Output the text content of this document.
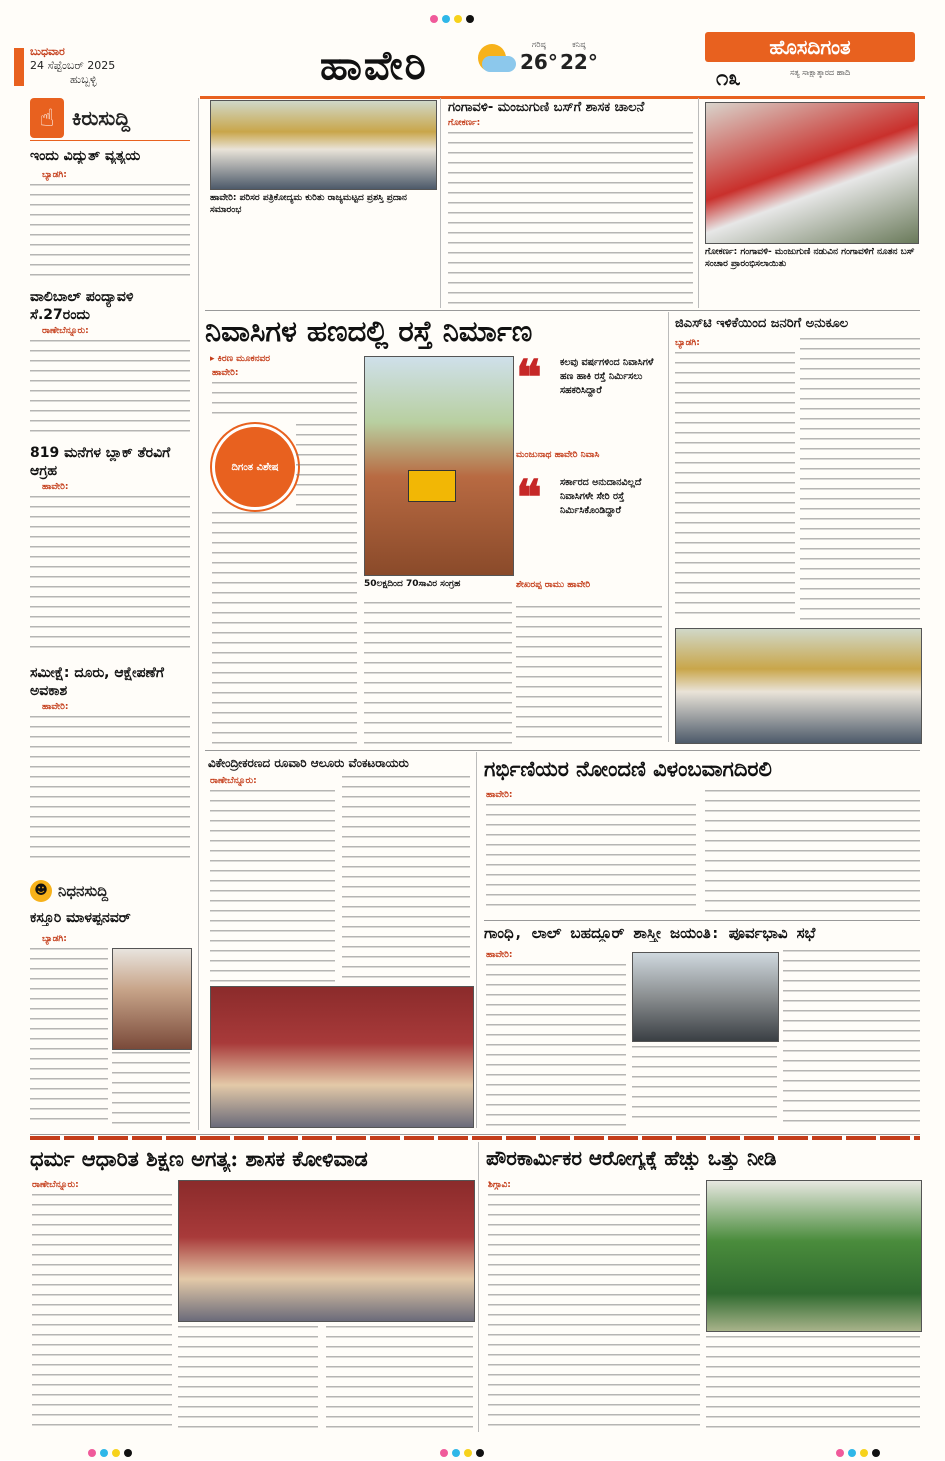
ಬುಧವಾರ
24 ಸೆಪ್ಟೆಂಬರ್ 2025
ಹುಬ್ಬಳ್ಳಿ	ಹಾವೇರಿ	ಗರಿಷ್ಠ
26°
ಕನಿಷ್ಠ
22°
ಹೊಸದಿಗಂತ
೧೩	ಸತ್ಯ ಸಾಕ್ಷಾತ್ಕಾರದ ಹಾದಿ
☝ ಕಿರುಸುದ್ದಿ
ಇಂದು ವಿದ್ಯುತ್ ವ್ಯತ್ಯಯ
ಬ್ಯಾಡಗಿ:
ವಾಲಿಬಾಲ್ ಪಂದ್ಯಾವಳಿ ಸೆ.27ರಂದು
ರಾಣೇಬೆನ್ನೂರು:
819 ಮನೆಗಳ ಬ್ಲಾಕ್‌ ತೆರವಿಗೆ ಆಗ್ರಹ
ಹಾವೇರಿ:
ಸಮೀಕ್ಷೆ: ದೂರು, ಆಕ್ಷೇಪಣೆಗೆ ಅವಕಾಶ
ಹಾವೇರಿ:
☻ ನಿಧನಸುದ್ದಿ
ಕಸ್ತೂರಿ ಮಾಳಪ್ಪನವರ್
ಬ್ಯಾಡಗಿ:
ಹಾವೇರಿ: ಪರಿಸರ ಪತ್ರಿಕೋದ್ಯಮ ಕುರಿತು ರಾಜ್ಯಮಟ್ಟದ ಪ್ರಶಸ್ತಿ ಪ್ರದಾನ ಸಮಾರಂಭ
ಗಂಗಾವಳಿ- ಮಂಜುಗುಣಿ ಬಸ್‌ಗೆ ಶಾಸಕ ಚಾಲನೆ
ಗೋಕರ್ಣ:
ಗೋಕರ್ಣ: ಗಂಗಾವಳಿ- ಮಂಜುಗುಣಿ ನಡುವಿನ ಗಂಗಾವಳಿಗೆ ನೂತನ ಬಸ್ ಸಂಚಾರ ಪ್ರಾರಂಭಿಸಲಾಯಿತು
ನಿವಾಸಿಗಳ ಹಣದಲ್ಲಿ ರಸ್ತೆ ನಿರ್ಮಾಣ
▸ ಕಿರಣ ಮೂಕನವರ
ಹಾವೇರಿ:
ದಿಗಂತ ವಿಶೇಷ
50ಲಕ್ಷದಿಂದ 70ಸಾವಿರ ಸಂಗ್ರಹ
❝ ಕಲವು ವರ್ಷಗಳಿಂದ ನಿವಾಸಿಗಳೆ ಹಣ ಹಾಕಿ ರಸ್ತೆ ನಿರ್ಮಿಸಲು ಸಹಕರಿಸಿದ್ದಾರೆ
ಮಂಜುನಾಥ ಹಾವೇರಿ ನಿವಾಸಿ
❝ ಸರ್ಕಾರದ ಅನುದಾನವಿಲ್ಲದೆ ನಿವಾಸಿಗಳೇ ಸೇರಿ ರಸ್ತೆ ನಿರ್ಮಿಸಿಕೊಂಡಿದ್ದಾರೆ
ಶೇಖರಪ್ಪ ರಾಮು ಹಾವೇರಿ
ಜಿಎಸ್‌ಟಿ ಇಳಿಕೆಯಿಂದ ಜನರಿಗೆ ಅನುಕೂಲ
ಬ್ಯಾಡಗಿ:
ವಿಕೇಂದ್ರೀಕರಣದ ರೂವಾರಿ ಆಲೂರು ವೆಂಕಟರಾಯರು
ರಾಣೇಬೆನ್ನೂರು:	ಗರ್ಭಿಣಿಯರ ನೋಂದಣಿ ವಿಳಂಬವಾಗದಿರಲಿ
ಹಾವೇರಿ:
ಗಾಂಧಿ, ಲಾಲ್ ಬಹದ್ದೂರ್ ಶಾಸ್ತ್ರೀ ಜಯಂತಿ: ಪೂರ್ವಭಾವಿ ಸಭೆ
ಹಾವೇರಿ:
ಧರ್ಮ ಆಧಾರಿತ ಶಿಕ್ಷಣ ಅಗತ್ಯ: ಶಾಸಕ ಕೋಳಿವಾಡ
ರಾಣೇಬೆನ್ನೂರು:
ಪೌರಕಾರ್ಮಿಕರ ಆರೋಗ್ಯಕ್ಕೆ ಹೆಚ್ಚು ಒತ್ತು ನೀಡಿ
ಶಿಗ್ಗಾವಿ:
